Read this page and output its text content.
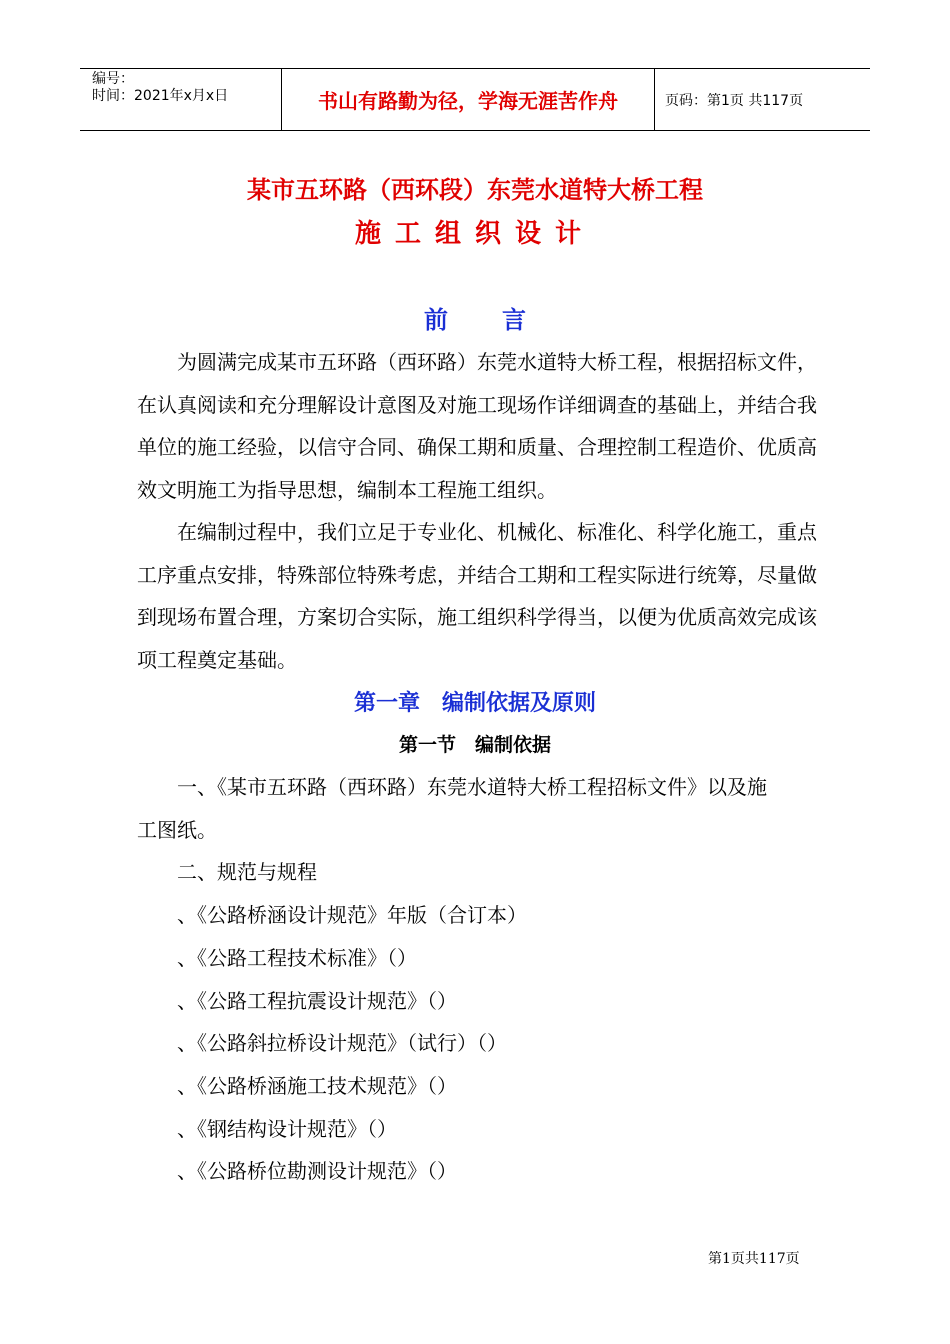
编号：
时间：2021年x月x日	书山有路勤为径，学海无涯苦作舟	页码：第1页 共117页
某市五环路（西环段）东莞水道特大桥工程
施工组织设计
前言
为圆满完成某市五环路（西环路）东莞水道特大桥工程，根据招标文件，在认真阅读和充分理解设计意图及对施工现场作详细调查的基础上，并结合我单位的施工经验，以信守合同、确保工期和质量、合理控制工程造价、优质高效文明施工为指导思想，编制本工程施工组织。
在编制过程中，我们立足于专业化、机械化、标准化、科学化施工，重点工序重点安排，特殊部位特殊考虑，并结合工期和工程实际进行统筹，尽量做到现场布置合理，方案切合实际，施工组织科学得当，以便为优质高效完成该项工程奠定基础。
第一章　编制依据及原则
第一节　编制依据
一、《某市五环路（西环路）东莞水道特大桥工程招标文件》以及施
工图纸。
二、规范与规程
、《公路桥涵设计规范》年版（合订本）
、《公路工程技术标准》（）
、《公路工程抗震设计规范》（）
、《公路斜拉桥设计规范》（试行）（）
、《公路桥涵施工技术规范》（）
、《钢结构设计规范》（）
、《公路桥位勘测设计规范》（）
第1页共117页
